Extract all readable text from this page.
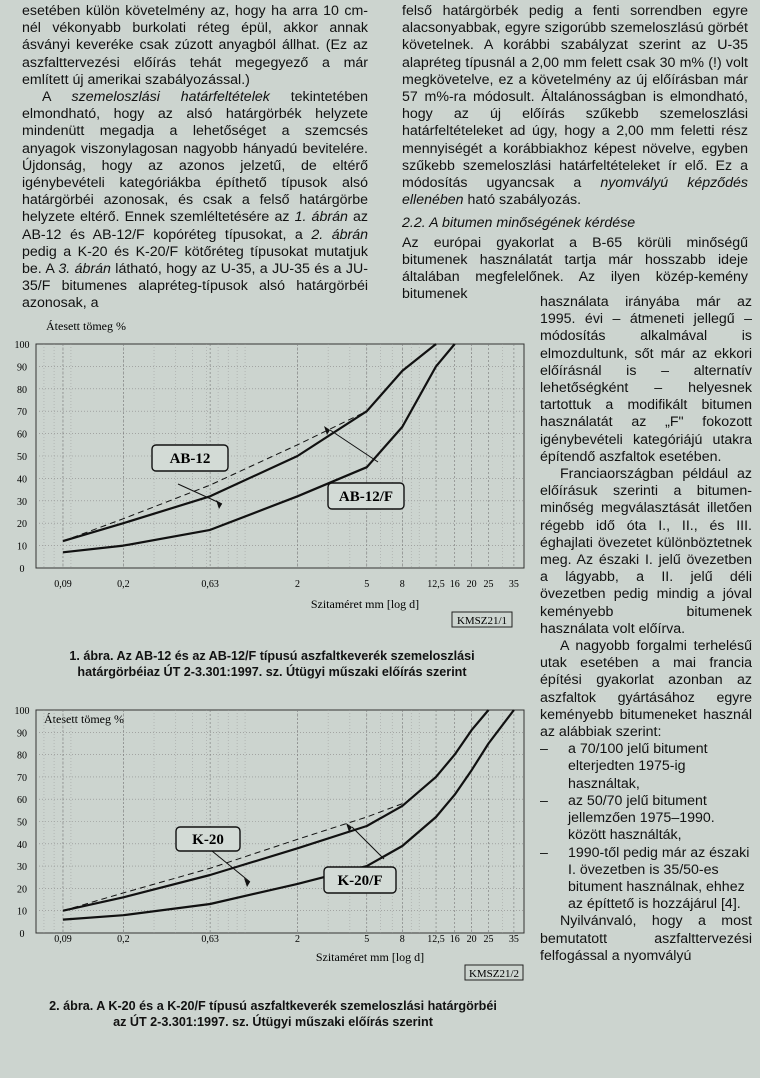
esetében külön követelmény az, hogy ha arra 10 cm-nél vékonyabb burkolati réteg épül, akkor annak ásványi keveréke csak zúzott anyagból állhat. (Ez az aszfalttervezési előírás tehát megegyező a már említett új amerikai szabályozással.)

A szemeloszlási határfeltételek tekintetében elmondható, hogy az alsó határgörbék helyzete mindenütt megadja a lehetőséget a szemcsés anyagok viszonylagosan nagyobb hányadú bevitelére. Újdonság, hogy az azonos jelzetű, de eltérő igénybevételi kategóriákba építhető típusok alsó határgörbéi azonosak, és csak a felső határgörbe helyzete eltérő. Ennek szemléltetésére az 1. ábrán az AB-12 és AB-12/F kopóréteg típusokat, a 2. ábrán pedig a K-20 és K-20/F kötőréteg típusokat mutatjuk be. A 3. ábrán látható, hogy az U-35, a JU-35 és a JU-35/F bitumenes alapréteg-típusok alsó határgörbéi azonosak, a

felső határgörbék pedig a fenti sorrendben egyre alacsonyabbak, egyre szigorúbb szemeloszlású görbét követelnek. A korábbi szabályzat szerint az U-35 alapréteg típusnál a 2,00 mm felett csak 30 m% (!) volt megkövetelve, ez a követelmény az új előírásban már 57 m%-ra módosult. Általánosságban is elmondható, hogy az új előírás szűkebb szemeloszlási határfeltételeket ad úgy, hogy a 2,00 mm feletti rész mennyiségét a korábbiakhoz képest növelve, egyben szűkebb szemeloszlási határfeltételeket ír elő. Ez a módosítás ugyancsak a nyomvályú képződés ellenében ható szabályozás.

2.2. A bitumen minőségének kérdése

Az európai gyakorlat a B-65 körüli minőségű bitumenek használatát tartja már hosszabb ideje általában megfelelőnek. Az ilyen közép-kemény bitumenek	használata irányába már az 1995. évi – átmeneti jellegű – módosítás alkalmával is elmozdultunk, sőt már az ekkori előírásnál is – alternatív lehetőségként – helyesnek tartottuk a modifikált bitumen használatát az „F" fokozott igénybevételi kategóriájú utakra építendő aszfaltok esetében.

Franciaországban például az előírásuk szerinti a bitumen-minőség megválasztását illetően régebb idő óta I., II., és III. éghajlati övezetet különböztetnek meg. Az északi I. jelű övezetben a lágyabb, a II. jelű déli övezetben pedig mindig a jóval keményebb bitumenek használata volt előírva.

A nagyobb forgalmi terhelésű utak esetében a mai francia építési gyakorlat azonban az aszfaltok gyártásához egyre keményebb bitumeneket használ az alábbiak szerint:

– a 70/100 jelű bitument elterjedten 1975-ig használtak,
– az 50/70 jelű bitument jellemzően 1975–1990. között használták,
– 1990-től pedig már az északi I. övezetben is 35/50-es bitument használnak, ehhez az építtető is hozzájárul [4].

Nyilvánvaló, hogy a most bemutatott aszfalttervezési felfogással a nyomvályú

Átesett tömeg %
Szitaméret mm [log d]
KMSZ21/1
0
10
20
30
40
50
60
70
80
90
100
0,09	0,2	0,63	2	5	8 12,5 16 20 25 35
AB-12
AB-12/F
1. ábra. Az AB-12 és az AB-12/F típusú aszfaltkeverék szemeloszlási
határgörbéiaz ÚT 2-3.301:1997. sz. Útügyi műszaki előírás szerint
Átesett tömeg %
Szitaméret mm [log d]
KMSZ21/2
0
10
20
30
40
50
60
70
80
90
100
0,09	0,2	0,63	2	5	8 12,5 16 20 25 35
K-20
K-20/F
2. ábra. A K-20 és a K-20/F típusú aszfaltkeverék szemeloszlási határgörbéi
az ÚT 2-3.301:1997. sz. Útügyi műszaki előírás szerint
